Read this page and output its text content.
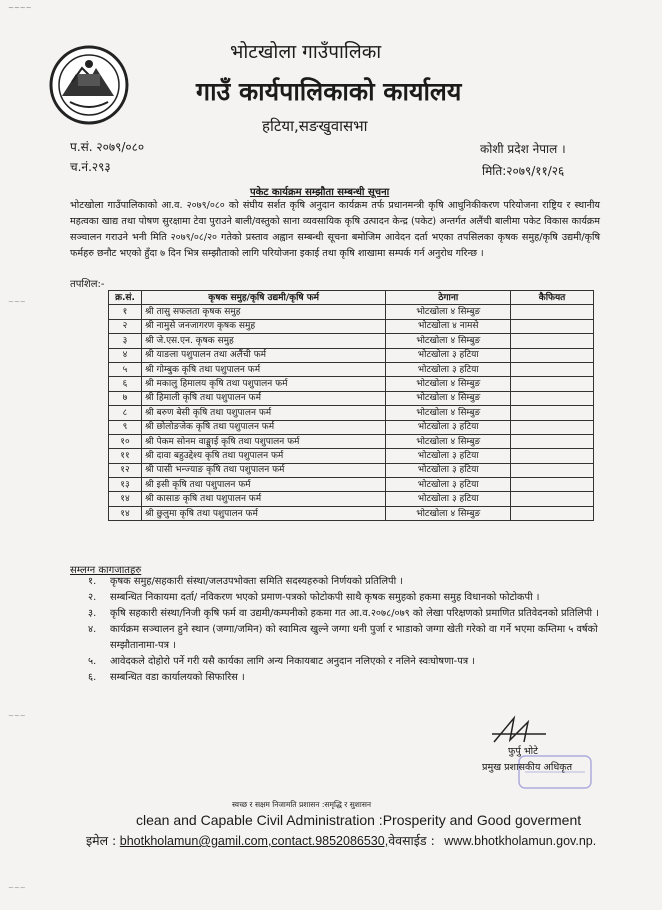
~~~~
भोटखोला गाउँपालिका
गाउँ कार्यपालिकाको कार्यालय
हटिया,सङखुवासभा
प.सं. २०७९/०८०
च.नं.२९३
कोशी प्रदेश नेपाल ।
मिति:२०७९/११/२६
पकेट कार्यक्रम सम्झौता सम्बन्धी सूचना
भोटखोला गाउँपालिकाको आ.व. २०७९/०८० को संघीय सर्शत कृषि अनुदान कार्यक्रम तर्फ प्रधानमन्त्री कृषि आधुनिकीकरण परियोजना राष्ट्रिय र स्थानीय महत्वका खाद्य तथा पोषण सुरक्षामा टेवा पुराउने बाली/वस्तुको साना व्यवसायिक कृषि उत्पादन केन्द्र (पकेट) अन्तर्गत अलैंची बालीमा पकेट विकास कार्यक्रम सञ्चालन गराउने भनी मिति २०७९/०८/२० गतेको प्रस्ताव अह्वान सम्बन्धी सूचना बमोजिम आवेदन दर्ता भएका तपसिलका कृषक समुह/कृषि उद्यमी/कृषि फर्महरु छनौट भएको हुँदा ७ दिन भित्र सम्झौताको लागि परियोजना इकाई तथा कृषि शाखामा सम्पर्क गर्न अनुरोध गरिन्छ ।
तपशिल:-
~~~	क्र.सं.	कृषक समुह/कृषि उद्यमी/कृषि फर्म	ठेगाना	कैफियत
१	श्री तासु सफलता कृषक समुह	भोटखोला ४ सिम्बुङ	
२	श्री नामुसे जनजागरण कृषक समुह	भोटखोला ४ नामसे	
३	श्री जे.एस.एन. कृषक समुह	भोटखोला ४ सिम्बुङ	
४	श्री याङला पशुपालन तथा अलैंची फर्म	भोटखोला ३ हटिया	
५	श्री गोम्बुक कृषि तथा पशुपालन फर्म	भोटखोला ३ हटिया	
६	श्री मकालु हिमालय कृषि तथा पशुपालन फर्म	भोटखोला ४ सिम्बुङ	
७	श्री हिमाली कृषि तथा पशुपालन फर्म	भोटखोला ४ सिम्बुङ	
८	श्री बरुण बेसी कृषि तथा पशुपालन फर्म	भोटखोला ४ सिम्बुङ	
९	श्री छोलोङजेक कृषि तथा पशुपालन फर्म	भोटखोला ३ हटिया	
१०	श्री पेकम सोनम वाङ्मुाई कृषि तथा पशुपालन फर्म	भोटखोला ४ सिम्बुङ	
११	श्री दावा बहुउद्देश्य कृषि तथा पशुपालन फर्म	भोटखोला ३ हटिया	
१२	श्री पासी भन्ज्याङ कृषि तथा पशुपालन फर्म	भोटखोला ३ हटिया	
१३	श्री इसी कृषि तथा पशुपालन फर्म	भोटखोला ३ हटिया	
१४	श्री कासाङ कृषि तथा पशुपालन फर्म	भोटखोला ३ हटिया	
१४	श्री छुलुमा कृषि तथा पशुपालन फर्म	भोटखोला ४ सिम्बुङ	
सम्लग्न कागजातहरु
१.	कृषक समुह/सहकारी संस्था/जलउपभोक्ता समिति सदस्यहरुको निर्णयको प्रतिलिपी ।
२.	सम्बन्धित निकायमा दर्ता/ नविकरण भएको प्रमाण-पत्रको फोटोकपी साथै कृषक समुहको हकमा समुह विधानको फोटोकपी ।
३.	कृषि सहकारी संस्था/निजी कृषि फर्म वा उद्यमी/कम्पनीको हकमा गत आ.व.२०७८/०७९ को लेखा परिक्षणको प्रमाणित प्रतिवेदनको प्रतिलिपी ।
४.	कार्यक्रम सञ्चालन हुने स्थान (जग्गा/जमिन) को स्वामित्व खुल्ने जग्गा धनी पुर्जा र भाडाको जग्गा खेती गरेको वा गर्ने भएमा कम्तिमा ५ वर्षको सम्झौतानामा-पत्र ।
५.	आवेदकले दोहोरो पर्ने गरी यसै कार्यका लागि अन्य निकायबाट अनुदान नलिएको र नलिने स्वःघोषणा-पत्र ।
६.	सम्बन्धित वडा कार्यालयको सिफारिस ।
~~~
फुर्पु भोटे
प्रमुख प्रशासकीय अधिकृत
स्वच्छ र सक्षम निजामति प्रशासन :समृद्धि र सुशासन
clean and Capable Civil Administration :Prosperity and Good goverment
इमेल : bhotkholamun@gamil.com,contact.9852086530,वेवसाईड : www.bhotkholamun.gov.np.
~~~
